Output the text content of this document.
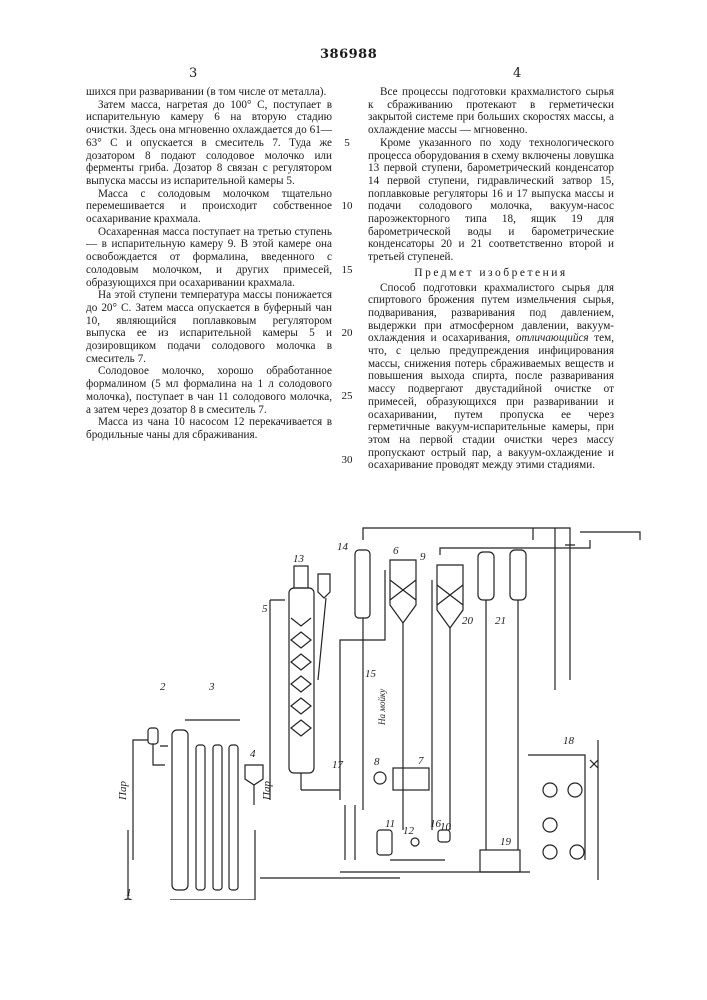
386988
3	4

шихся при разваривании (в том числе от металла).

Затем масса, нагретая до 100° С, поступает в испарительную камеру 6 на вторую стадию очистки. Здесь она мгновенно охлаждается до 61—63° С и опускается в смеситель 7. Туда же дозатором 8 подают солодовое молочко или ферменты гриба. Дозатор 8 связан с регулятором выпуска массы из испарительной камеры 5.

Масса с солодовым молочком тщательно перемешивается и происходит собственное осахаривание крахмала.

Осахаренная масса поступает на третью ступень — в испарительную камеру 9. В этой камере она освобождается от формалина, введенного с солодовым молочком, и других примесей, образующихся при осахаривании крахмала.

На этой ступени температура массы понижается до 20° С. Затем масса опускается в буферный чан 10, являющийся поплавковым регулятором выпуска ее из испарительной камеры 5 и дозировщиком подачи солодового молочка в смеситель 7.

Солодовое молочко, хорошо обработанное формалином (5 мл формалина на 1 л солодового молочка), поступает в чан 11 солодового молочка, а затем через дозатор 8 в смеситель 7.

Масса из чана 10 насосом 12 перекачивается в бродильные чаны для сбраживания.

5
10
15
20
25
30

Все процессы подготовки крахмалистого сырья к сбраживанию протекают в герметически закрытой системе при больших скоростях массы, а охлаждение массы — мгновенно.

Кроме указанного по ходу технологического процесса оборудования в схему включены ловушка 13 первой ступени, барометрический конденсатор 14 первой ступени, гидравлический затвор 15, поплавковые регуляторы 16 и 17 выпуска массы и подачи солодового молочка, вакуум-насос пароэжекторного типа 18, ящик 19 для барометрической воды и барометрические конденсаторы 20 и 21 соответственно второй и третьей ступеней.

Предмет изобретения

Способ подготовки крахмалистого сырья для спиртового брожения путем измельчения сырья, подваривания, разваривания под давлением, выдержки при атмосферном давлении, вакуум-охлаждения и осахаривания, отличающийся тем, что, с целью предупреждения инфицирования массы, снижения потерь сбраживаемых веществ и повышения выхода спирта, после разваривания массу подвергают двустадийной очистке от примесей, образующихся при разваривании и осахаривании, путем пропуска ее через герметичные вакуум-испарительные камеры, при этом на первой стадии очистки через массу пропускают острый пар, а вакуум-охлаждение и осахаривание проводят между этими стадиями.

1
2	3
4
5
6
7
8
9
10
11
12
13
14
15
16
17
18
19
20 21
Пар	Пар
На мойку
